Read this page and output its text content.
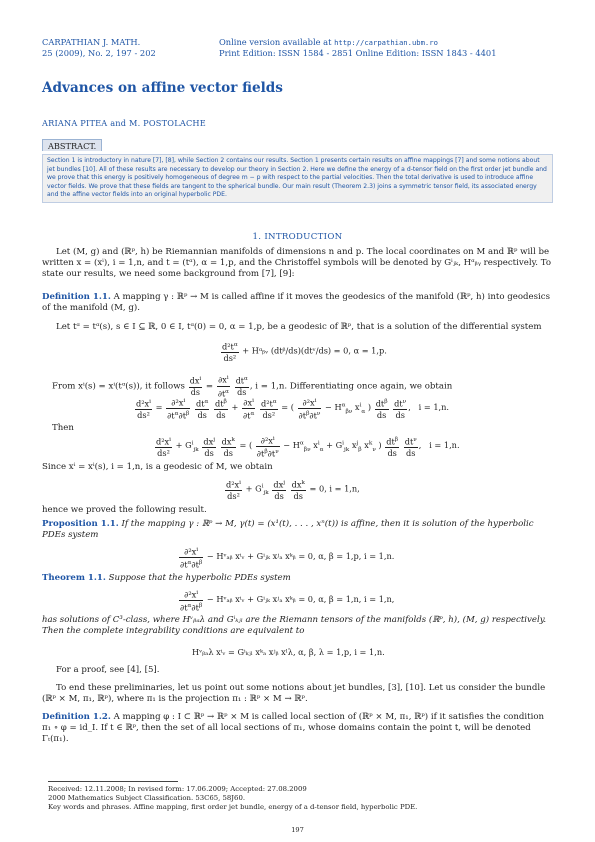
CARPATHIAN J. MATH.
25 (2009), No. 2, 197 - 202
Online version available at http://carpathian.ubm.ro
Print Edition: ISSN 1584 - 2851 Online Edition: ISSN 1843 - 4401
Advances on affine vector fields
ARIANA PITEA and M. POSTOLACHE
ABSTRACT.
Section 1 is introductory in nature [7], [8], while Section 2 contains our results. Section 1 presents certain results on affine mappings [7] and some notions about jet bundles [10]. All of these results are necessary to develop our theory in Section 2. Here we define the energy of a d-tensor field on the first order jet bundle and we prove that this energy is positively homogeneous of degree m − p with respect to the partial velocities. Then the total derivative is used to introduce affine vector fields. We prove that these fields are tangent to the spherical bundle. Our main result (Theorem 2.3) joins a symmetric tensor field, its associated energy and the affine vector fields into an original hyperbolic PDE.
1. INTRODUCTION
Let (M, g) and (ℝᵖ, h) be Riemannian manifolds of dimensions n and p. The local coordinates on M and ℝᵖ will be written x = (xⁱ), i = 1,n, and t = (tᵅ), α = 1,p, and the Christoffel symbols will be denoted by Gⁱⱼₖ, Hᵅᵦᵧ respectively. To state our results, we need some background from [7], [9]:
Definition 1.1. A mapping γ : ℝᵖ → M is called affine if it moves the geodesics of the manifold (ℝᵖ, h) into geodesics of the manifold (M, g).
Let tᵅ = tᵅ(s), s ∈ I ⊆ ℝ, 0 ∈ I, tᵅ(0) = 0, α = 1,p, be a geodesic of ℝᵖ, that is a solution of the differential system
$\frac{d^2t^\alpha}{\text{ds²}}$ + Hᵅᵦᵥ (dtᵝ/ds)(dtᵛ/ds) = 0, α = 1,p.
From xⁱ(s) = xⁱ(tᵅ(s)), it follows $\frac{dx^i}{ds} = \frac{\partial x^i}{\partial t^\alpha}$
$\frac{dt^\alpha}{ds}$ , i = 1,n. Differentiating once again, we obtain
$\frac{d^2x^i}{\text{ds²}} = \frac{\partial^2x^i}{\partial t^\alpha\partial t^\beta}$
$\frac{dt^\alpha}{ds}$
$\frac{dt^\beta}{ds} + \frac{\partial x^i}{\partial t^\alpha}$
$\frac{d^2t^\alpha}{\text{ds²}}$ = ( $\frac{\partial^2x^i}{\partial t^\beta\partial t^\nu} - H^\alpha_{\beta\nu}$ $x^i_\alpha$ ) $\frac{dt^\beta}{ds}$
$\frac{dt^\nu}{ds}$ ,   i = 1,n.
Then
$\frac{d^2x^i}{\text{ds²}} + G^i_{jk} \frac{dx^j}{ds}$
$\frac{dx^k}{ds}$ = ( $\frac{\partial^2x^i}{\partial t^\beta\partial t^\nu} - H^\alpha_{\beta\nu}$ $x^i_\alpha + G^i_{jk}$ $x^j_\beta$ $x^k_\nu$ ) $\frac{dt^\beta}{ds}$
$\frac{dt^\nu}{ds}$ ,   i = 1,n.
Since xⁱ = xⁱ(s), i = 1,n, is a geodesic of M, we obtain
$\frac{d^2x^i}{\text{ds²}} + G^i_{jk} \frac{dx^j}{ds}$
$\frac{dx^k}{ds} = 0$, i = 1,n,
hence we proved the following result.
Proposition 1.1. If the mapping γ : ℝᵖ → M, γ(t) = (x¹(t), . . . , xⁿ(t)) is affine, then it is solution of the hyperbolic PDEs system
$\frac{\partial^2x^i}{\partial t^\alpha\partial t^\beta}$ − Hᵛₐᵦ xⁱᵥ + Gⁱⱼₖ xʲₐ xᵏᵦ = 0, α, β = 1,p, i = 1,n.
Theorem 1.1. Suppose that the hyperbolic PDEs system
$\frac{\partial^2x^i}{\partial t^\alpha\partial t^\beta}$ − Hᵛₐᵦ xⁱᵥ + Gⁱⱼₖ xʲₐ xᵏᵦ = 0, α, β = 1,n, i = 1,n,
has solutions of C³-class, where Hᵛᵦₐλ and Gⁱₖⱼₗ are the Riemann tensors of the manifolds (ℝᵖ, h), (M, g) respectively. Then the complete integrability conditions are equivalent to
Hᵛᵦₐλ xⁱᵥ = Gⁱₖⱼₗ xᵏₐ xʲᵦ xˡλ, α, β, λ = 1,p, i = 1,n.
For a proof, see [4], [5].
To end these preliminaries, let us point out some notions about jet bundles, [3], [10]. Let us consider the bundle (ℝᵖ × M, π₁, ℝᵖ), where π₁ is the projection π₁ : ℝᵖ × M → ℝᵖ.
Definition 1.2. A mapping φ : I ⊂ ℝᵖ → ℝᵖ × M is called local section of (ℝᵖ × M, π₁, ℝᵖ) if it satisfies the condition π₁ ∘ φ = id_I. If t ∈ ℝᵖ, then the set of all local sections of π₁, whose domains contain the point t, will be denoted Γₜ(π₁).
Received: 12.11.2008; In revised form: 17.06.2009; Accepted: 27.08.2009
2000 Mathematics Subject Classification. 53C65, 58J60.
Key words and phrases. Affine mapping, first order jet bundle, energy of a d-tensor field, hyperbolic PDE.
197
